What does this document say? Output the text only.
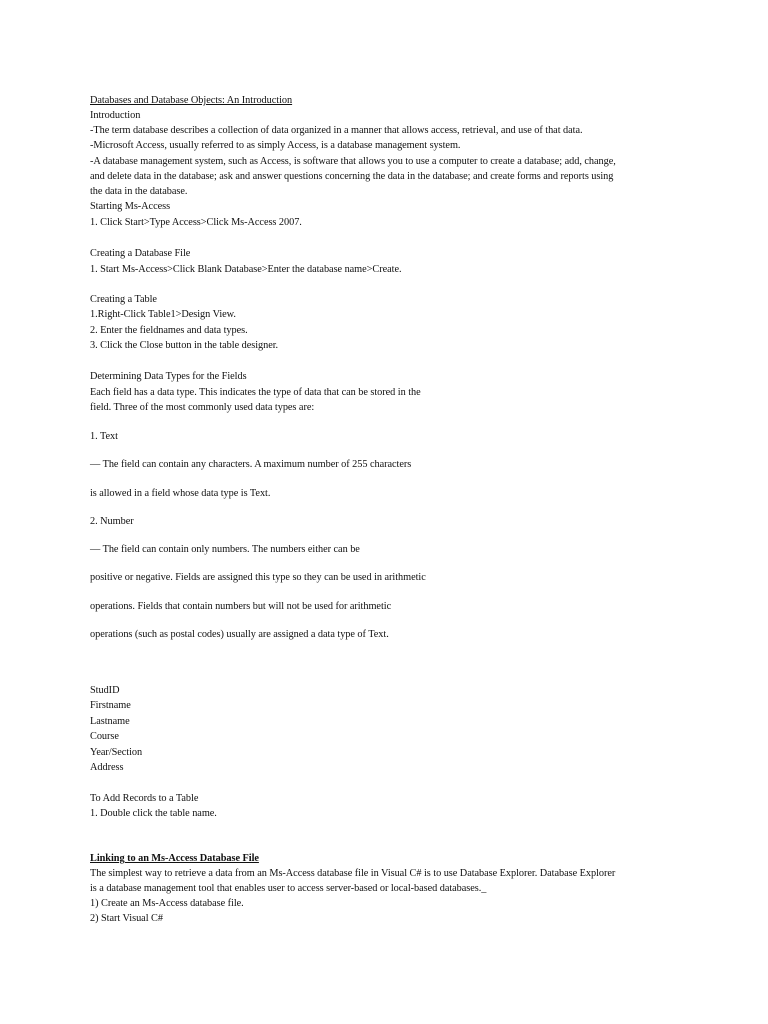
Databases and Database Objects: An Introduction
Introduction
-The term database describes a collection of data organized in a manner that allows access, retrieval, and use of that data.
-Microsoft Access, usually referred to as simply Access, is a database management system.
-A database management system, such as Access, is software that allows you to use a computer to create a database; add, change,
and delete data in the database; ask and answer questions concerning the data in the database; and create forms and reports using
the data in the database.
Starting Ms-Access
1. Click Start>Type Access>Click Ms-Access 2007.
Creating a Database File
1. Start Ms-Access>Click Blank Database>Enter the database name>Create.
Creating a Table
1.Right-Click Table1>Design View.
2. Enter the fieldnames and data types.
3. Click the Close button in the table designer.
Determining Data Types for the Fields
Each field has a data type. This indicates the type of data that can be stored in the
field. Three of the most commonly used data types are:
1. Text
— The field can contain any characters. A maximum number of 255 characters
is allowed in a field whose data type is Text.
2. Number
— The field can contain only numbers. The numbers either can be
positive or negative. Fields are assigned this type so they can be used in arithmetic
operations. Fields that contain numbers but will not be used for arithmetic
operations (such as postal codes) usually are assigned a data type of Text.
StudID
Firstname
Lastname
Course
Year/Section
Address
To Add Records to a Table
1. Double click the table name.
Linking to an Ms-Access Database File
The simplest way to retrieve a data from an Ms-Access database file in Visual C# is to use Database Explorer. Database Explorer
is a database management tool that enables user to access server-based or local-based databases._
1) Create an Ms-Access database file.
2) Start Visual C#
